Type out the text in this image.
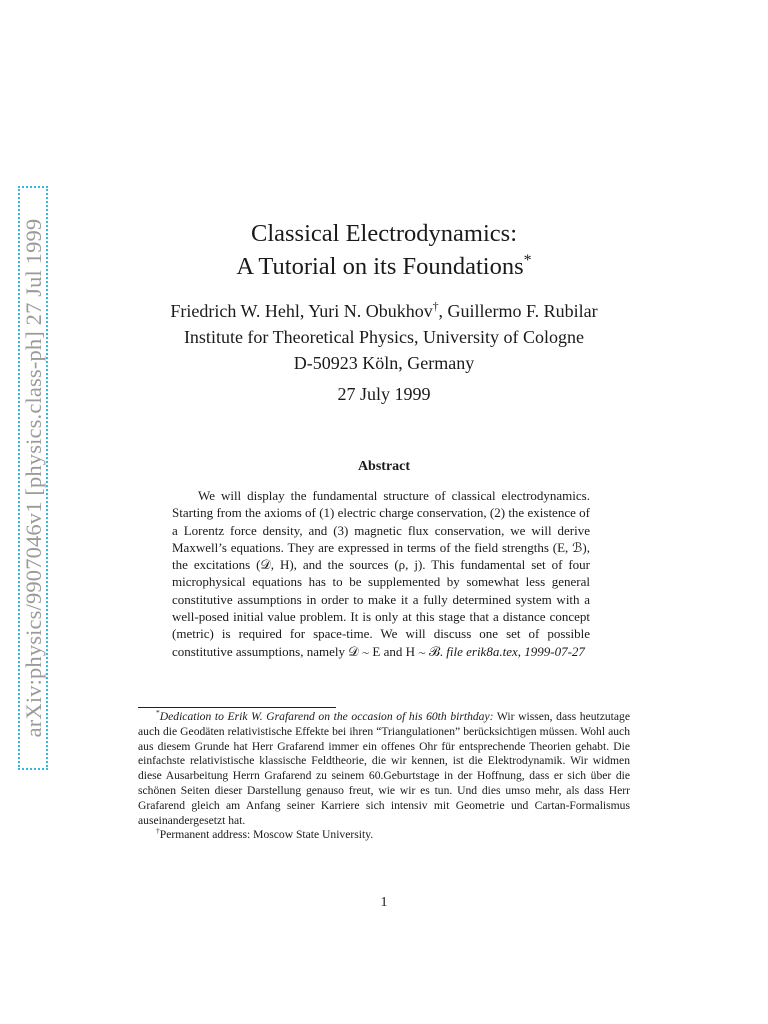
arXiv:physics/9907046v1 [physics.class-ph] 27 Jul 1999	Classical Electrodynamics:
A Tutorial on its Foundations*
Friedrich W. Hehl, Yuri N. Obukhov†, Guillermo F. Rubilar
Institute for Theoretical Physics, University of Cologne
D-50923 Köln, Germany
27 July 1999
Abstract
We will display the fundamental structure of classical electrodynamics. Starting from the axioms of (1) electric charge conservation, (2) the existence of a Lorentz force density, and (3) magnetic flux conservation, we will derive Maxwell’s equations. They are expressed in terms of the field strengths (E, ℬ), the excitations (𝒟, H), and the sources (ρ, j). This fundamental set of four microphysical equations has to be supplemented by somewhat less general constitutive assumptions in order to make it a fully determined system with a well-posed initial value problem. It is only at this stage that a distance concept (metric) is required for space-time. We will discuss one set of possible constitutive assumptions, namely 𝒟 ∼ E and H ∼ ℬ. file erik8a.tex, 1999-07-27
*Dedication to Erik W. Grafarend on the occasion of his 60th birthday: Wir wissen, dass heutzutage auch die Geodäten relativistische Effekte bei ihren “Triangulationen” berücksichtigen müssen. Wohl auch aus diesem Grunde hat Herr Grafarend immer ein offenes Ohr für entsprechende Theorien gehabt. Die einfachste relativistische klassische Feldtheorie, die wir kennen, ist die Elektrodynamik. Wir widmen diese Ausarbeitung Herrn Grafarend zu seinem 60.Geburtstage in der Hoffnung, dass er sich über die schönen Seiten dieser Darstellung genauso freut, wie wir es tun. Und dies umso mehr, als dass Herr Grafarend gleich am Anfang seiner Karriere sich intensiv mit Geometrie und Cartan-Formalismus auseinandergesetzt hat.
†Permanent address: Moscow State University.
1
